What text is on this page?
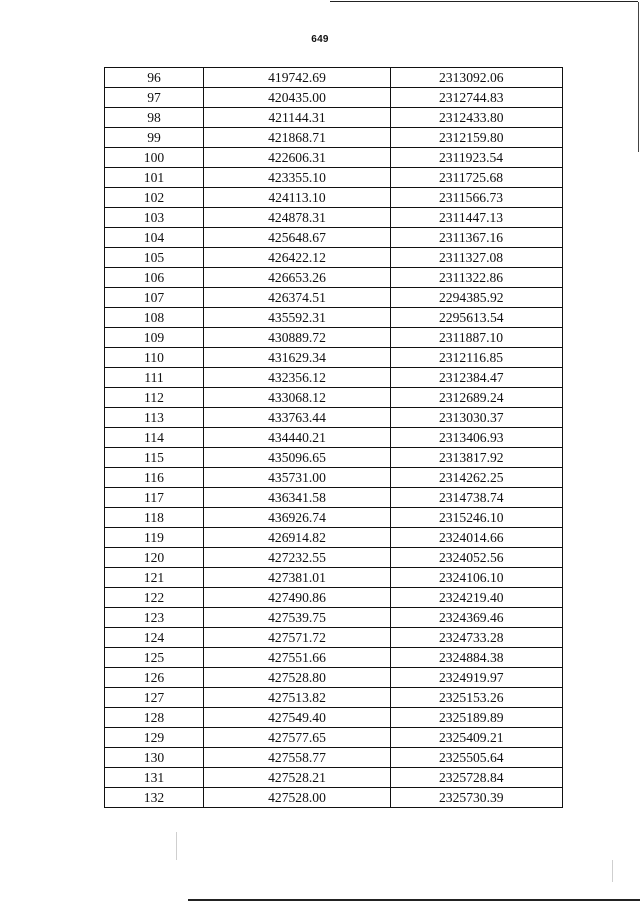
649
96	419742.69	2313092.06
97	420435.00	2312744.83
98	421144.31	2312433.80
99	421868.71	2312159.80
100	422606.31	2311923.54
101	423355.10	2311725.68
102	424113.10	2311566.73
103	424878.31	2311447.13
104	425648.67	2311367.16
105	426422.12	2311327.08
106	426653.26	2311322.86
107	426374.51	2294385.92
108	435592.31	2295613.54
109	430889.72	2311887.10
110	431629.34	2312116.85
111	432356.12	2312384.47
112	433068.12	2312689.24
113	433763.44	2313030.37
114	434440.21	2313406.93
115	435096.65	2313817.92
116	435731.00	2314262.25
117	436341.58	2314738.74
118	436926.74	2315246.10
119	426914.82	2324014.66
120	427232.55	2324052.56
121	427381.01	2324106.10
122	427490.86	2324219.40
123	427539.75	2324369.46
124	427571.72	2324733.28
125	427551.66	2324884.38
126	427528.80	2324919.97
127	427513.82	2325153.26
128	427549.40	2325189.89
129	427577.65	2325409.21
130	427558.77	2325505.64
131	427528.21	2325728.84
132	427528.00	2325730.39
